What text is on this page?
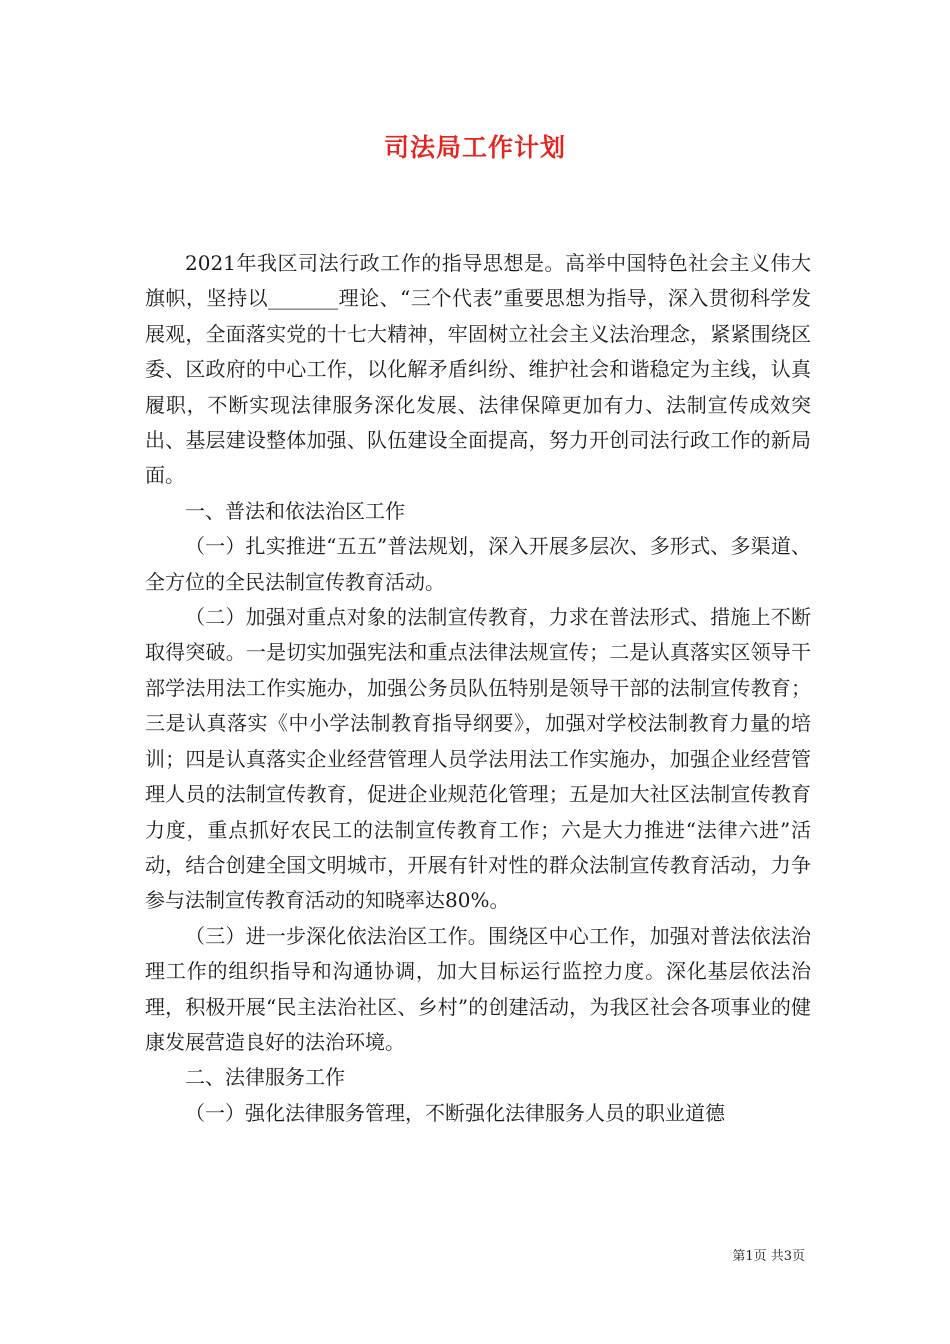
司法局工作计划

2021年我区司法行政工作的指导思想是。高举中国特色社会主义伟大旗帜，坚持以_______理论、“三个代表”重要思想为指导，深入贯彻科学发展观，全面落实党的十七大精神，牢固树立社会主义法治理念，紧紧围绕区委、区政府的中心工作，以化解矛盾纠纷、维护社会和谐稳定为主线，认真履职，不断实现法律服务深化发展、法律保障更加有力、法制宣传成效突出、基层建设整体加强、队伍建设全面提高，努力开创司法行政工作的新局面。

一、普法和依法治区工作

（一）扎实推进“五五”普法规划，深入开展多层次、多形式、多渠道、全方位的全民法制宣传教育活动。

（二）加强对重点对象的法制宣传教育，力求在普法形式、措施上不断取得突破。一是切实加强宪法和重点法律法规宣传；二是认真落实区领导干部学法用法工作实施办，加强公务员队伍特别是领导干部的法制宣传教育；三是认真落实《中小学法制教育指导纲要》，加强对学校法制教育力量的培训；四是认真落实企业经营管理人员学法用法工作实施办，加强企业经营管理人员的法制宣传教育，促进企业规范化管理；五是加大社区法制宣传教育力度，重点抓好农民工的法制宣传教育工作；六是大力推进“法律六进”活动，结合创建全国文明城市，开展有针对性的群众法制宣传教育活动，力争参与法制宣传教育活动的知晓率达80%。

（三）进一步深化依法治区工作。围绕区中心工作，加强对普法依法治理工作的组织指导和沟通协调，加大目标运行监控力度。深化基层依法治理，积极开展“民主法治社区、乡村”的创建活动，为我区社会各项事业的健康发展营造良好的法治环境。

二、法律服务工作

（一）强化法律服务管理，不断强化法律服务人员的职业道德

第1页 共3页
